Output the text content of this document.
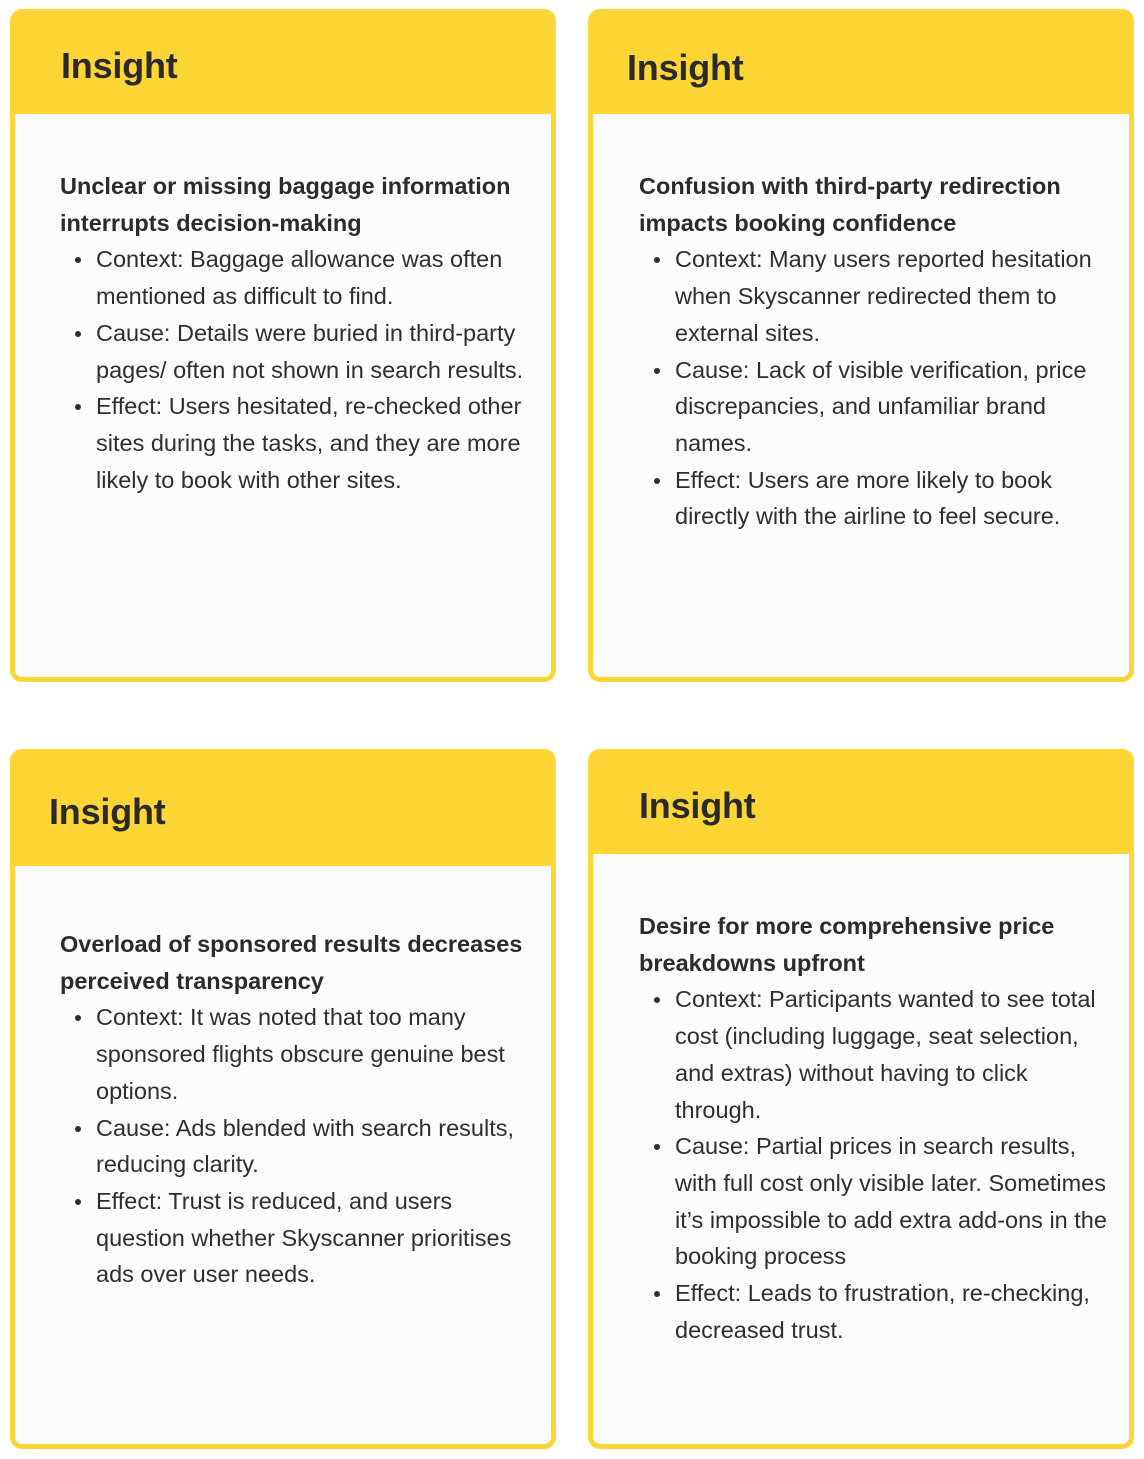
Insight

Unclear or missing baggage information interrupts decision-making

Context: Baggage allowance was often mentioned as difficult to find.
Cause: Details were buried in third-party pages/ often not shown in search results.
Effect: Users hesitated, re-checked other sites during the tasks, and they are more likely to book with other sites.
Insight

Confusion with third-party redirection impacts booking confidence

Context: Many users reported hesitation when Skyscanner redirected them to external sites.
Cause: Lack of visible verification, price discrepancies, and unfamiliar brand names.
Effect: Users are more likely to book directly with the airline to feel secure.
Insight

Overload of sponsored results decreases perceived transparency

Context: It was noted that too many sponsored flights obscure genuine best options.
Cause: Ads blended with search results, reducing clarity.
Effect: Trust is reduced, and users question whether Skyscanner prioritises ads over user needs.
Insight

Desire for more comprehensive price breakdowns upfront

Context: Participants wanted to see total cost (including luggage, seat selection, and extras) without having to click through.
Cause: Partial prices in search results, with full cost only visible later. Sometimes it’s impossible to add extra add-ons in the booking process
Effect: Leads to frustration, re-checking, decreased trust.
